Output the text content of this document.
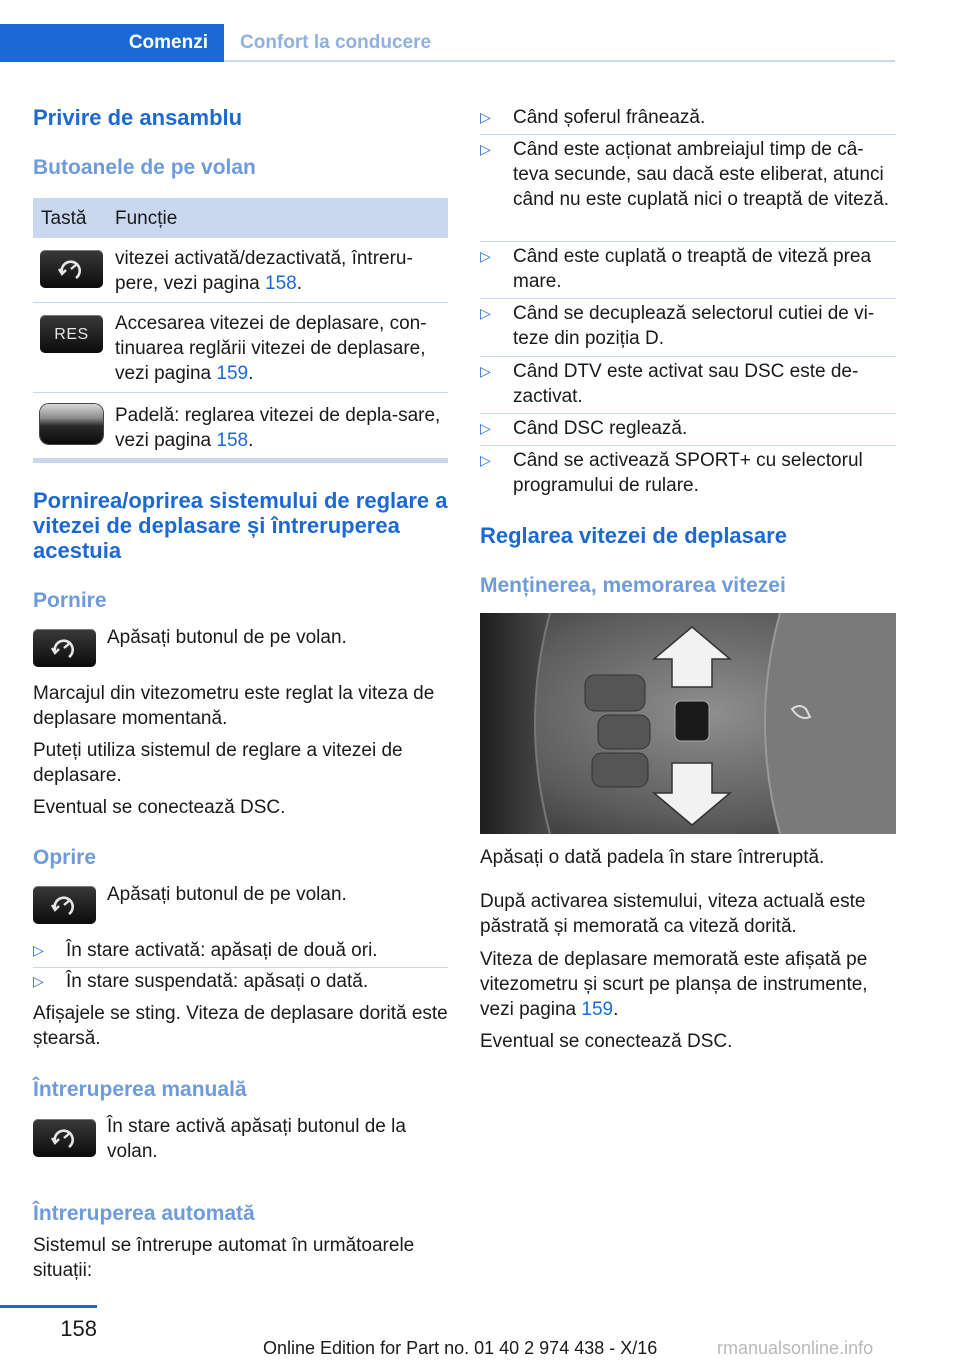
Comenzi	Confort la conducere
Privire de ansamblu
Butoanele de pe volan
Tastă Funcție
vitezei activată/dezactivată, întreru-pere, vezi pagina 158.
RES Accesarea vitezei de deplasare, con-tinuarea reglării vitezei de deplasare, vezi pagina 159.
Padelă: reglarea vitezei de depla-sare, vezi pagina 158.
Pornirea/oprirea sistemului de reglare a vitezei de deplasare și întreruperea acestuia
Pornire
Apăsați butonul de pe volan.
Marcajul din vitezometru este reglat la viteza de deplasare momentană.
Puteți utiliza sistemul de reglare a vitezei de deplasare.
Eventual se conectează DSC.
Oprire
Apăsați butonul de pe volan.
▷ În stare activată: apăsați de două ori.
▷ În stare suspendată: apăsați o dată.
Afișajele se sting. Viteza de deplasare dorită este ștearsă.
Întreruperea manuală
În stare activă apăsați butonul de la volan.
Întreruperea automată
Sistemul se întrerupe automat în următoarele situații:
▷ Când șoferul frânează.
▷ Când este acționat ambreiajul timp de câ-teva secunde, sau dacă este eliberat, atunci când nu este cuplată nici o treaptă de viteză.
▷ Când este cuplată o treaptă de viteză prea mare.
▷ Când se decuplează selectorul cutiei de vi-teze din poziția D.
▷ Când DTV este activat sau DSC este de-zactivat.
▷ Când DSC reglează.
▷ Când se activează SPORT+ cu selectorul programului de rulare.
Reglarea vitezei de deplasare
Menținerea, memorarea vitezei
Apăsați o dată padela în stare întreruptă.
După activarea sistemului, viteza actuală este păstrată și memorată ca viteză dorită.
Viteza de deplasare memorată este afișată pe vitezometru și scurt pe planșa de instrumente, vezi pagina 159.
Eventual se conectează DSC.
158
Online Edition for Part no. 01 40 2 974 438 - X/16	rmanualsonline.info
